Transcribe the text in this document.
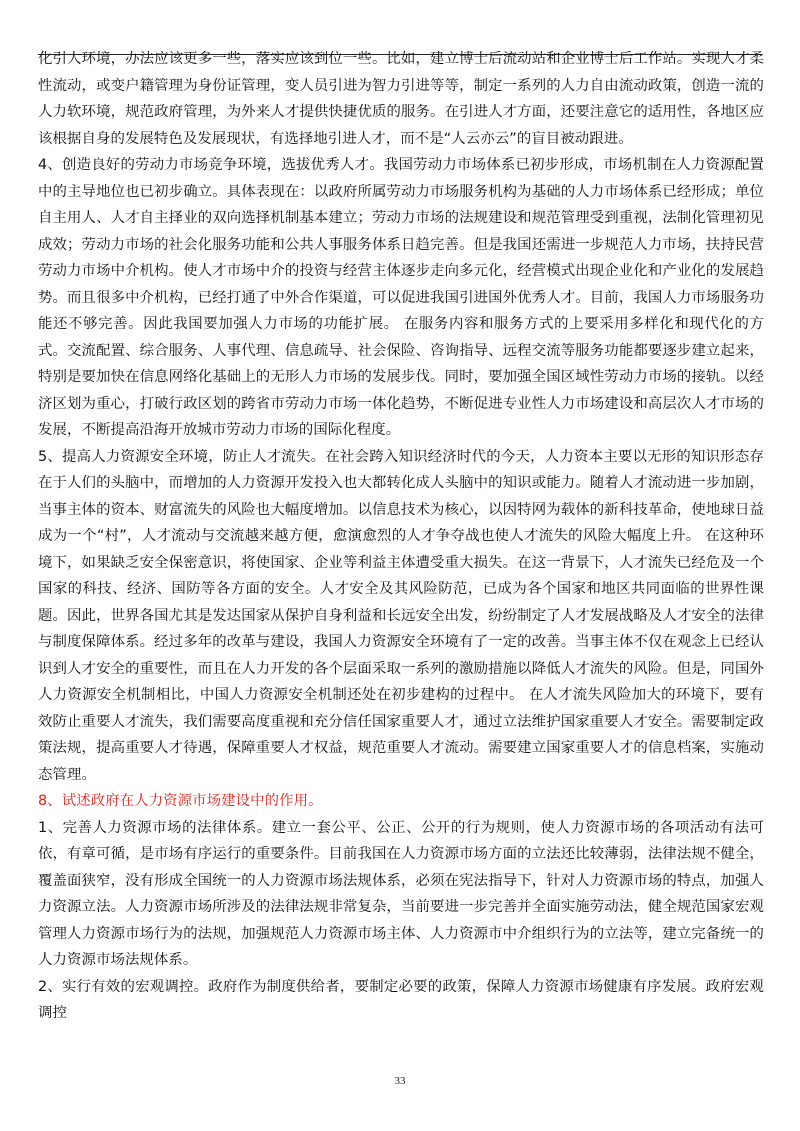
化引人环境，办法应该更多一些，落实应该到位一些。比如，建立博士后流动站和企业博士后工作站。实现人才柔性流动，或变户籍管理为身份证管理，变人员引进为智力引进等等，制定一系列的人力自由流动政策，创造一流的人力软环境，规范政府管理，为外来人才提供快捷优质的服务。在引进人才方面，还要注意它的适用性，各地区应该根据自身的发展特色及发展现状，有选择地引进人才，而不是“人云亦云”的盲目被动跟进。

4、创造良好的劳动力市场竞争环境，选拔优秀人才。我国劳动力市场体系已初步形成，市场机制在人力资源配置中的主导地位也已初步确立。具体表现在：以政府所属劳动力市场服务机构为基础的人力市场体系已经形成；单位自主用人、人才自主择业的双向选择机制基本建立；劳动力市场的法规建设和规范管理受到重视，法制化管理初见成效；劳动力市场的社会化服务功能和公共人事服务体系日趋完善。但是我国还需进一步规范人力市场，扶持民营劳动力市场中介机构。使人才市场中介的投资与经营主体逐步走向多元化，经营模式出现企业化和产业化的发展趋势。而且很多中介机构，已经打通了中外合作渠道，可以促进我国引进国外优秀人才。目前，我国人力市场服务功能还不够完善。因此我国要加强人力市场的功能扩展。 在服务内容和服务方式的上要采用多样化和现代化的方式。交流配置、综合服务、人事代理、信息疏导、社会保险、咨询指导、远程交流等服务功能都要逐步建立起来，特别是要加快在信息网络化基础上的无形人力市场的发展步伐。同时，要加强全国区域性劳动力市场的接轨。以经济区划为重心，打破行政区划的跨省市劳动力市场一体化趋势，不断促进专业性人力市场建设和高层次人才市场的发展，不断提高沿海开放城市劳动力市场的国际化程度。

5、提高人力资源安全环境，防止人才流失。在社会跨入知识经济时代的今天，人力资本主要以无形的知识形态存在于人们的头脑中，而增加的人力资源开发投入也大都转化成人头脑中的知识或能力。随着人才流动进一步加剧，当事主体的资本、财富流失的风险也大幅度增加。以信息技术为核心，以因特网为载体的新科技革命，使地球日益成为一个“村”，人才流动与交流越来越方便，愈演愈烈的人才争夺战也使人才流失的风险大幅度上升。 在这种环境下，如果缺乏安全保密意识，将使国家、企业等利益主体遭受重大损失。在这一背景下，人才流失已经危及一个国家的科技、经济、国防等各方面的安全。人才安全及其风险防范，已成为各个国家和地区共同面临的世界性课题。因此，世界各国尤其是发达国家从保护自身利益和长远安全出发，纷纷制定了人才发展战略及人才安全的法律与制度保障体系。经过多年的改革与建设，我国人力资源安全环境有了一定的改善。当事主体不仅在观念上已经认识到人才安全的重要性，而且在人力开发的各个层面采取一系列的激励措施以降低人才流失的风险。但是，同国外人力资源安全机制相比，中国人力资源安全机制还处在初步建构的过程中。 在人才流失风险加大的环境下，要有效防止重要人才流失，我们需要高度重视和充分信任国家重要人才，通过立法维护国家重要人才安全。需要制定政策法规，提高重要人才待遇，保障重要人才权益，规范重要人才流动。需要建立国家重要人才的信息档案，实施动态管理。

8、试述政府在人力资源市场建设中的作用。

1、完善人力资源市场的法律体系。建立一套公平、公正、公开的行为规则，使人力资源市场的各项活动有法可依，有章可循，是市场有序运行的重要条件。目前我国在人力资源市场方面的立法还比较薄弱，法律法规不健全，覆盖面狭窄，没有形成全国统一的人力资源市场法规体系，必须在宪法指导下，针对人力资源市场的特点，加强人力资源立法。人力资源市场所涉及的法律法规非常复杂，当前要进一步完善并全面实施劳动法，健全规范国家宏观管理人力资源市场行为的法规，加强规范人力资源市场主体、人力资源市中介组织行为的立法等，建立完备统一的人力资源市场法规体系。

2、实行有效的宏观调控。政府作为制度供给者，要制定必要的政策，保障人力资源市场健康有序发展。政府宏观调控

33
